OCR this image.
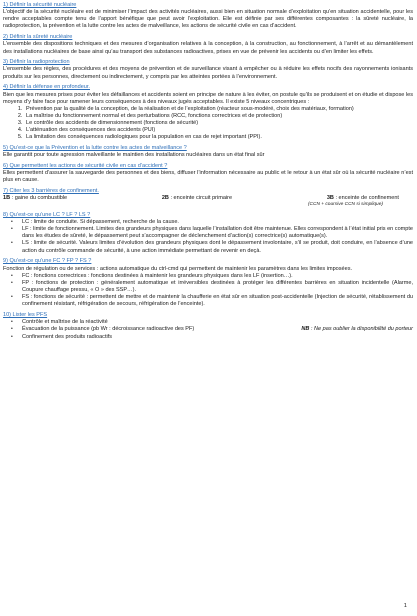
1) Définir la sécurité nucléaire

L’objectif de la sécurité nucléaire est de minimiser l’impact des activités nucléaires, aussi bien en situation normale d’exploitation qu’en situation accidentelle, pour les rendre acceptables compte tenu de l’apport bénéfique que peut avoir l’exploitation. Elle est définie par ses différentes composantes : la sûreté nucléaire, la radioprotection, la prévention et la lutte contre les actes de malveillance, les actions de sécurité civile en cas d’accident.

2) Définir la sûreté nucléaire

L’ensemble des dispositions techniques et des mesures d’organisation relatives à la conception, à la construction, au fonctionnement, à l’arrêt et au démantèlement des installations nucléaires de base ainsi qu’au transport des substances radioactives, prises en vue de prévenir les accidents ou d’en limiter les effets.

3) Définir la radioprotection

L’ensemble des règles, des procédures et des moyens de prévention et de surveillance visant à empêcher ou à réduire les effets nocifs des rayonnements ionisants produits sur les personnes, directement ou indirectement, y compris par les atteintes portées à l’environnement.

4) Définir la défense en profondeur.

Bien que les mesures prises pour éviter les défaillances et accidents soient en principe de nature à les éviter, on postule qu’ils se produisent et on étudie et dispose les moyens d’y faire face pour ramener leurs conséquences à des niveaux jugés acceptables. Il existe 5 niveaux concentriques :

1. Prévention par la qualité de la conception, de la réalisation et de l’exploitation (réacteur sous-modéré, choix des matériaux, formation)
2. La maîtrise du fonctionnement normal et des perturbations (RCC, fonctions correctrices et de protection)
3. Le contrôle des accidents de dimensionnement (fonctions de sécurité)
4. L’atténuation des conséquences des accidents (PUI)
5. La limitation des conséquences radiologiques pour la population en cas de rejet important (PPI).

5) Qu’est-ce que la Prévention et la lutte contre les actes de malveillance ?

Elle garantit pour toute agression malveillante le maintien des installations nucléaires dans un état final sûr

6) Que permettent les actions de sécurité civile en cas d’accident ?

Elles permettent d’assurer la sauvegarde des personnes et des biens, diffuser l’information nécessaire au public et le retour à un état sûr où la sécurité nucléaire n’est plus en cause.

7) Citer les 3 barrières de confinement.

1B : gaine du combustible	2B : enceinte circuit primaire	3B : enceinte de confinement

(CCN + coursive CCN si simplique)

8) Qu’est-ce qu’une LC ? LF ? LS ?

• LC : limite de conduite. Si dépassement, recherche de la cause.
• LF : limite de fonctionnement. Limites des grandeurs physiques dans laquelle l’installation doit être maintenue. Elles correspondent à l’état initial pris en compte dans les études de sûreté, le dépassement peut s’accompagner de déclenchement d’action(s) correctrice(s) automatique(s).
• LS : limite de sécurité. Valeurs limites d’évolution des grandeurs physiques dont le dépassement involontaire, s’il se produit, doit conduire, en l’absence d’une action du contrôle commande de sécurité, à une action immédiate permettant de revenir en deçà.

9) Qu’est-ce qu’une FC ? FP ? FS ?

Fonction de régulation ou de services : actions automatique du ctrl-cmd qui permettent de maintenir les paramètres dans les limites imposées.

• FC : fonctions correctrices : fonctions destinées à maintenir les grandeurs physiques dans les LF (insertion…).
• FP : fonctions de protection : généralement automatique et irréversibles destinées à protéger les différentes barrières en situation incidentelle (Alarme, Coupure chauffage pressu, « O » des SSP…).
• FS : fonctions de sécurité : permettent de mettre et de maintenir la chaufferie en état sûr en situation post-accidentelle (Injection de sécurité, rétablissement du confinement résistant, réfrigération de secours, réfrigération de l’enceinte).

10) Lister les PFS

• Contrôle et maîtrise de la réactivité
• Évacuation de la puissance (pb Wr : décroissance radioactive des PF)	NB : Ne pas oublier la disponibilité du porteur
• Confinement des produits radioactifs
1
